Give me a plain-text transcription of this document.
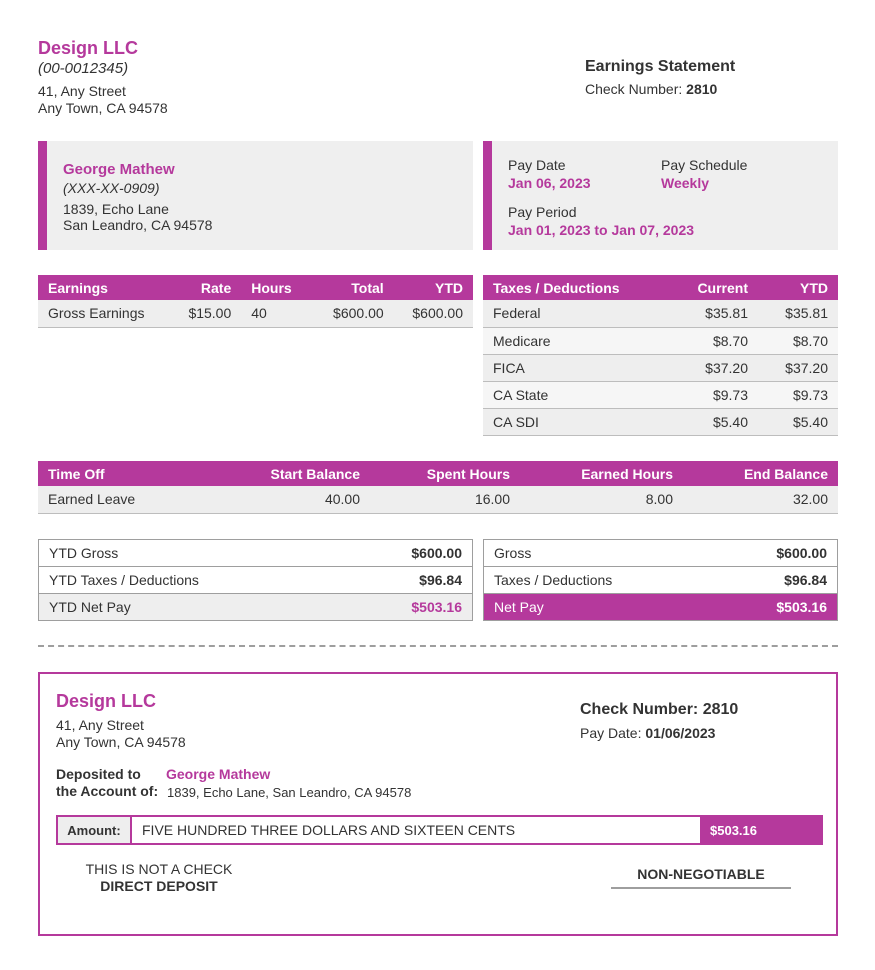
Design LLC
(00-0012345)
41, Any Street
Any Town, CA 94578
Earnings Statement
Check Number: 2810
George Mathew
(XXX-XX-0909)
1839, Echo Lane
San Leandro, CA 94578
Pay Date
Jan 06, 2023
Pay Schedule
Weekly
Pay Period
Jan 01, 2023 to Jan 07, 2023
Earnings	Rate	Hours	Total	YTD
Gross Earnings	$15.00	40	$600.00	$600.00
Taxes / Deductions	Current	YTD
Federal	$35.81	$35.81
Medicare	$8.70	$8.70
FICA	$37.20	$37.20
CA State	$9.73	$9.73
CA SDI	$5.40	$5.40
Time Off	Start Balance	Spent Hours	Earned Hours	End Balance
Earned Leave	40.00	16.00	8.00	32.00
YTD Gross	$600.00
YTD Taxes / Deductions	$96.84
YTD Net Pay	$503.16
Gross	$600.00
Taxes / Deductions	$96.84
Net Pay	$503.16
Design LLC
41, Any Street
Any Town, CA 94578
Check Number: 2810
Pay Date: 01/06/2023
Deposited to
the Account of:
George Mathew
1839, Echo Lane, San Leandro, CA 94578
Amount:	FIVE HUNDRED THREE DOLLARS AND SIXTEEN CENTS	$503.16
THIS IS NOT A CHECK
DIRECT DEPOSIT
NON-NEGOTIABLE
